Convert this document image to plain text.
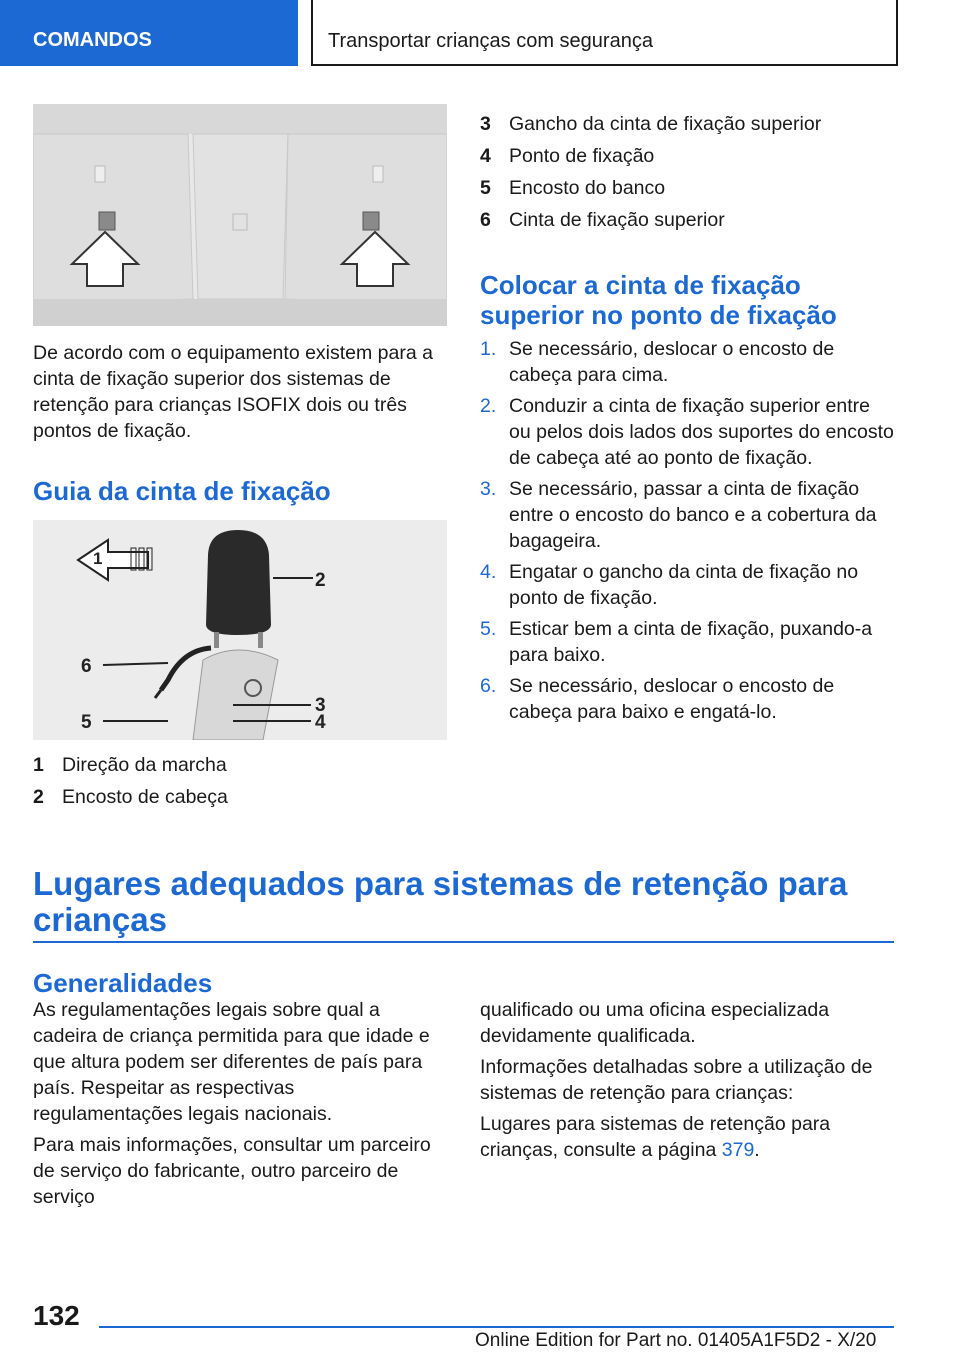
COMANDOS	Transportar crianças com segurança

De acordo com o equipamento existem para a cinta de fixação superior dos sistemas de retenção para crianças ISOFIX dois ou três pontos de fixação.

Guia da cinta de fixação
1
2
6
3
5	4
1 Direção da marcha
2 Encosto de cabeça
3 Gancho da cinta de fixação superior
4 Ponto de fixação
5 Encosto do banco
6 Cinta de fixação superior
Colocar a cinta de fixação superior no ponto de fixação
1. Se necessário, deslocar o encosto de cabeça para cima.
2. Conduzir a cinta de fixação superior entre ou pelos dois lados dos suportes do encosto de cabeça até ao ponto de fixação.
3. Se necessário, passar a cinta de fixação entre o encosto do banco e a cobertura da bagageira.
4. Engatar o gancho da cinta de fixação no ponto de fixação.
5. Esticar bem a cinta de fixação, puxando-a para baixo.
6. Se necessário, deslocar o encosto de cabeça para baixo e engatá-lo.
Lugares adequados para sistemas de retenção para crianças
Generalidades

As regulamentações legais sobre qual a cadeira de criança permitida para que idade e que altura podem ser diferentes de país para país. Respeitar as respectivas regulamentações legais nacionais.

Para mais informações, consultar um parceiro de serviço do fabricante, outro parceiro de serviço

qualificado ou uma oficina especializada devidamente qualificada.

Informações detalhadas sobre a utilização de sistemas de retenção para crianças:

Lugares para sistemas de retenção para crianças, consulte a página 379.

132
Online Edition for Part no. 01405A1F5D2 - X/20
